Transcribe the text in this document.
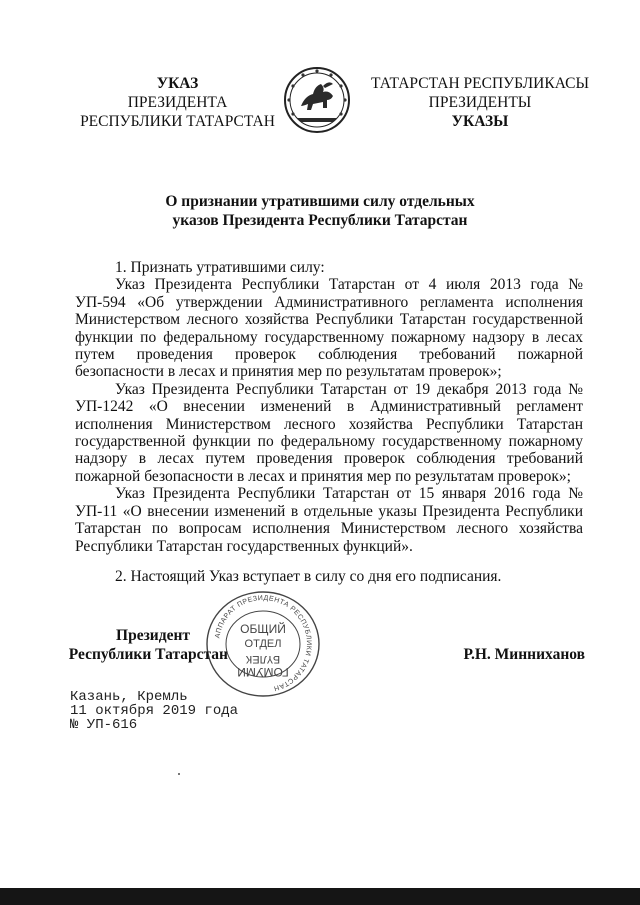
УКАЗ
ПРЕЗИДЕНТА
РЕСПУБЛИКИ ТАТАРСТАН
ТАТАРСТАН РЕСПУБЛИКАСЫ
ПРЕЗИДЕНТЫ
УКАЗЫ
О признании утратившими силу отдельных
указов Президента Республики Татарстан

1. Признать утратившими силу:

Указ Президента Республики Татарстан от 4 июля 2013 года № УП-594 «Об утверждении Административного регламента исполнения Министерством лесного хозяйства Республики Татарстан государственной функции по федеральному государственному пожарному надзору в лесах путем проведения проверок соблюдения требований пожарной безопасности в лесах и принятия мер по результатам проверок»;

Указ Президента Республики Татарстан от 19 декабря 2013 года № УП-1242 «О внесении изменений в Административный регламент исполнения Министерством лесного хозяйства Республики Татарстан государственной функции по федеральному государственному пожарному надзору в лесах путем проведения проверок соблюдения требований пожарной безопасности в лесах и принятия мер по результатам проверок»;

Указ Президента Республики Татарстан от 15 января 2016 года № УП-11 «О внесении изменений в отдельные указы Президента Республики Татарстан по вопросам исполнения Министерством лесного хозяйства Республики Татарстан государственных функций».

2. Настоящий Указ вступает в силу со дня его подписания.

АППАРАТ ПРЕЗИДЕНТА РЕСПУБЛИКИ ТАТАРСТАН
ОБЩИЙ
ОТДЕЛ
БҮЛЕК
ГОМУМИ
Президент
Республики Татарстан	Р.Н. Минниханов
Казань, Кремль
11 октября 2019 года
№ УП-616
